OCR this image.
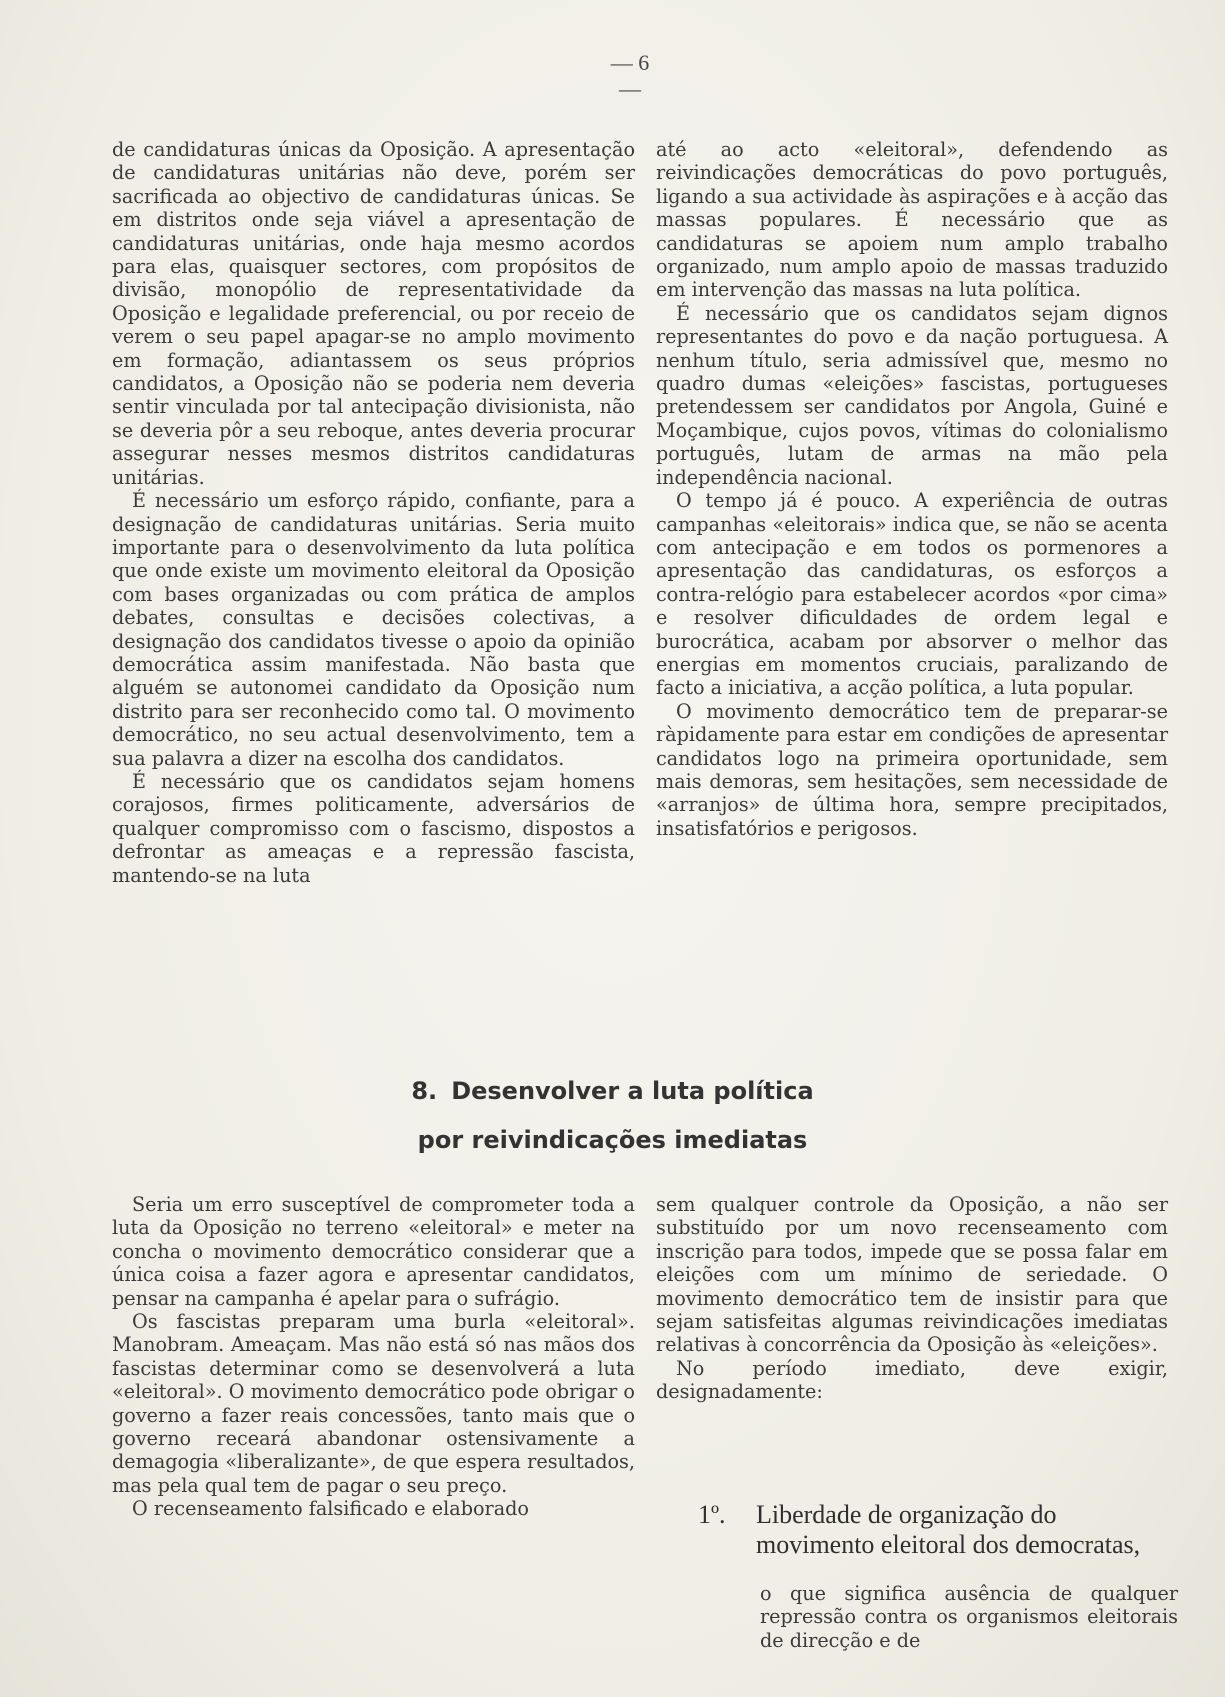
— 6 —

de candidaturas únicas da Oposição. A apresentação de candidaturas unitárias não deve, porém ser sacrificada ao objectivo de candidaturas únicas. Se em distritos onde seja viável a apresentação de candidaturas unitárias, onde haja mesmo acordos para elas, quaisquer sectores, com propósitos de divisão, monopólio de representatividade da Oposição e legalidade preferencial, ou por receio de verem o seu papel apagar-se no amplo movimento em formação, adiantassem os seus próprios candidatos, a Oposição não se poderia nem deveria sentir vinculada por tal antecipação divisionista, não se deveria pôr a seu reboque, antes deveria procurar assegurar nesses mesmos distritos candidaturas unitárias.

É necessário um esforço rápido, confiante, para a designação de candidaturas unitárias. Seria muito importante para o desenvolvimento da luta política que onde existe um movimento eleitoral da Oposição com bases organizadas ou com prática de amplos debates, consultas e decisões colectivas, a designação dos candidatos tivesse o apoio da opinião democrática assim manifestada. Não basta que alguém se autonomei candidato da Oposição num distrito para ser reconhecido como tal. O movimento democrático, no seu actual desenvolvimento, tem a sua palavra a dizer na escolha dos candidatos.

É necessário que os candidatos sejam homens corajosos, firmes politicamente, adversários de qualquer compromisso com o fascismo, dispostos a defrontar as ameaças e a repressão fascista, mantendo-se na luta

até ao acto «eleitoral», defendendo as reivindicações democráticas do povo português, ligando a sua actividade às aspirações e à acção das massas populares. É necessário que as candidaturas se apoiem num amplo trabalho organizado, num amplo apoio de massas traduzido em intervenção das massas na luta política.

É necessário que os candidatos sejam dignos representantes do povo e da nação portuguesa. A nenhum título, seria admissível que, mesmo no quadro dumas «eleições» fascistas, portugueses pretendessem ser candidatos por Angola, Guiné e Moçambique, cujos povos, vítimas do colonialismo português, lutam de armas na mão pela independência nacional.

O tempo já é pouco. A experiência de outras campanhas «eleitorais» indica que, se não se acenta com antecipação e em todos os pormenores a apresentação das candidaturas, os esforços a contra-relógio para estabelecer acordos «por cima» e resolver dificuldades de ordem legal e burocrática, acabam por absorver o melhor das energias em momentos cruciais, paralizando de facto a iniciativa, a acção política, a luta popular.

O movimento democrático tem de preparar-se ràpidamente para estar em condições de apresentar candidatos logo na primeira oportunidade, sem mais demoras, sem hesitações, sem necessidade de «arranjos» de última hora, sempre precipitados, insatisfatórios e perigosos.

8. Desenvolver a luta política
por reivindicações imediatas

Seria um erro susceptível de comprometer toda a luta da Oposição no terreno «eleitoral» e meter na concha o movimento democrático considerar que a única coisa a fazer agora e apresentar candidatos, pensar na campanha é apelar para o sufrágio.

Os fascistas preparam uma burla «eleitoral». Manobram. Ameaçam. Mas não está só nas mãos dos fascistas determinar como se desenvolverá a luta «eleitoral». O movimento democrático pode obrigar o governo a fazer reais concessões, tanto mais que o governo receará abandonar ostensivamente a demagogia «liberalizante», de que espera resultados, mas pela qual tem de pagar o seu preço.

O recenseamento falsificado e elaborado

sem qualquer controle da Oposição, a não ser substituído por um novo recenseamento com inscrição para todos, impede que se possa falar em eleições com um mínimo de seriedade. O movimento democrático tem de insistir para que sejam satisfeitas algumas reivindicações imediatas relativas à concorrência da Oposição às «eleições».

No período imediato, deve exigir, designadamente:

1º.	Liberdade de organização do movimento eleitoral dos democratas,
o que significa ausência de qualquer repressão contra os organismos eleitorais de direcção e de
